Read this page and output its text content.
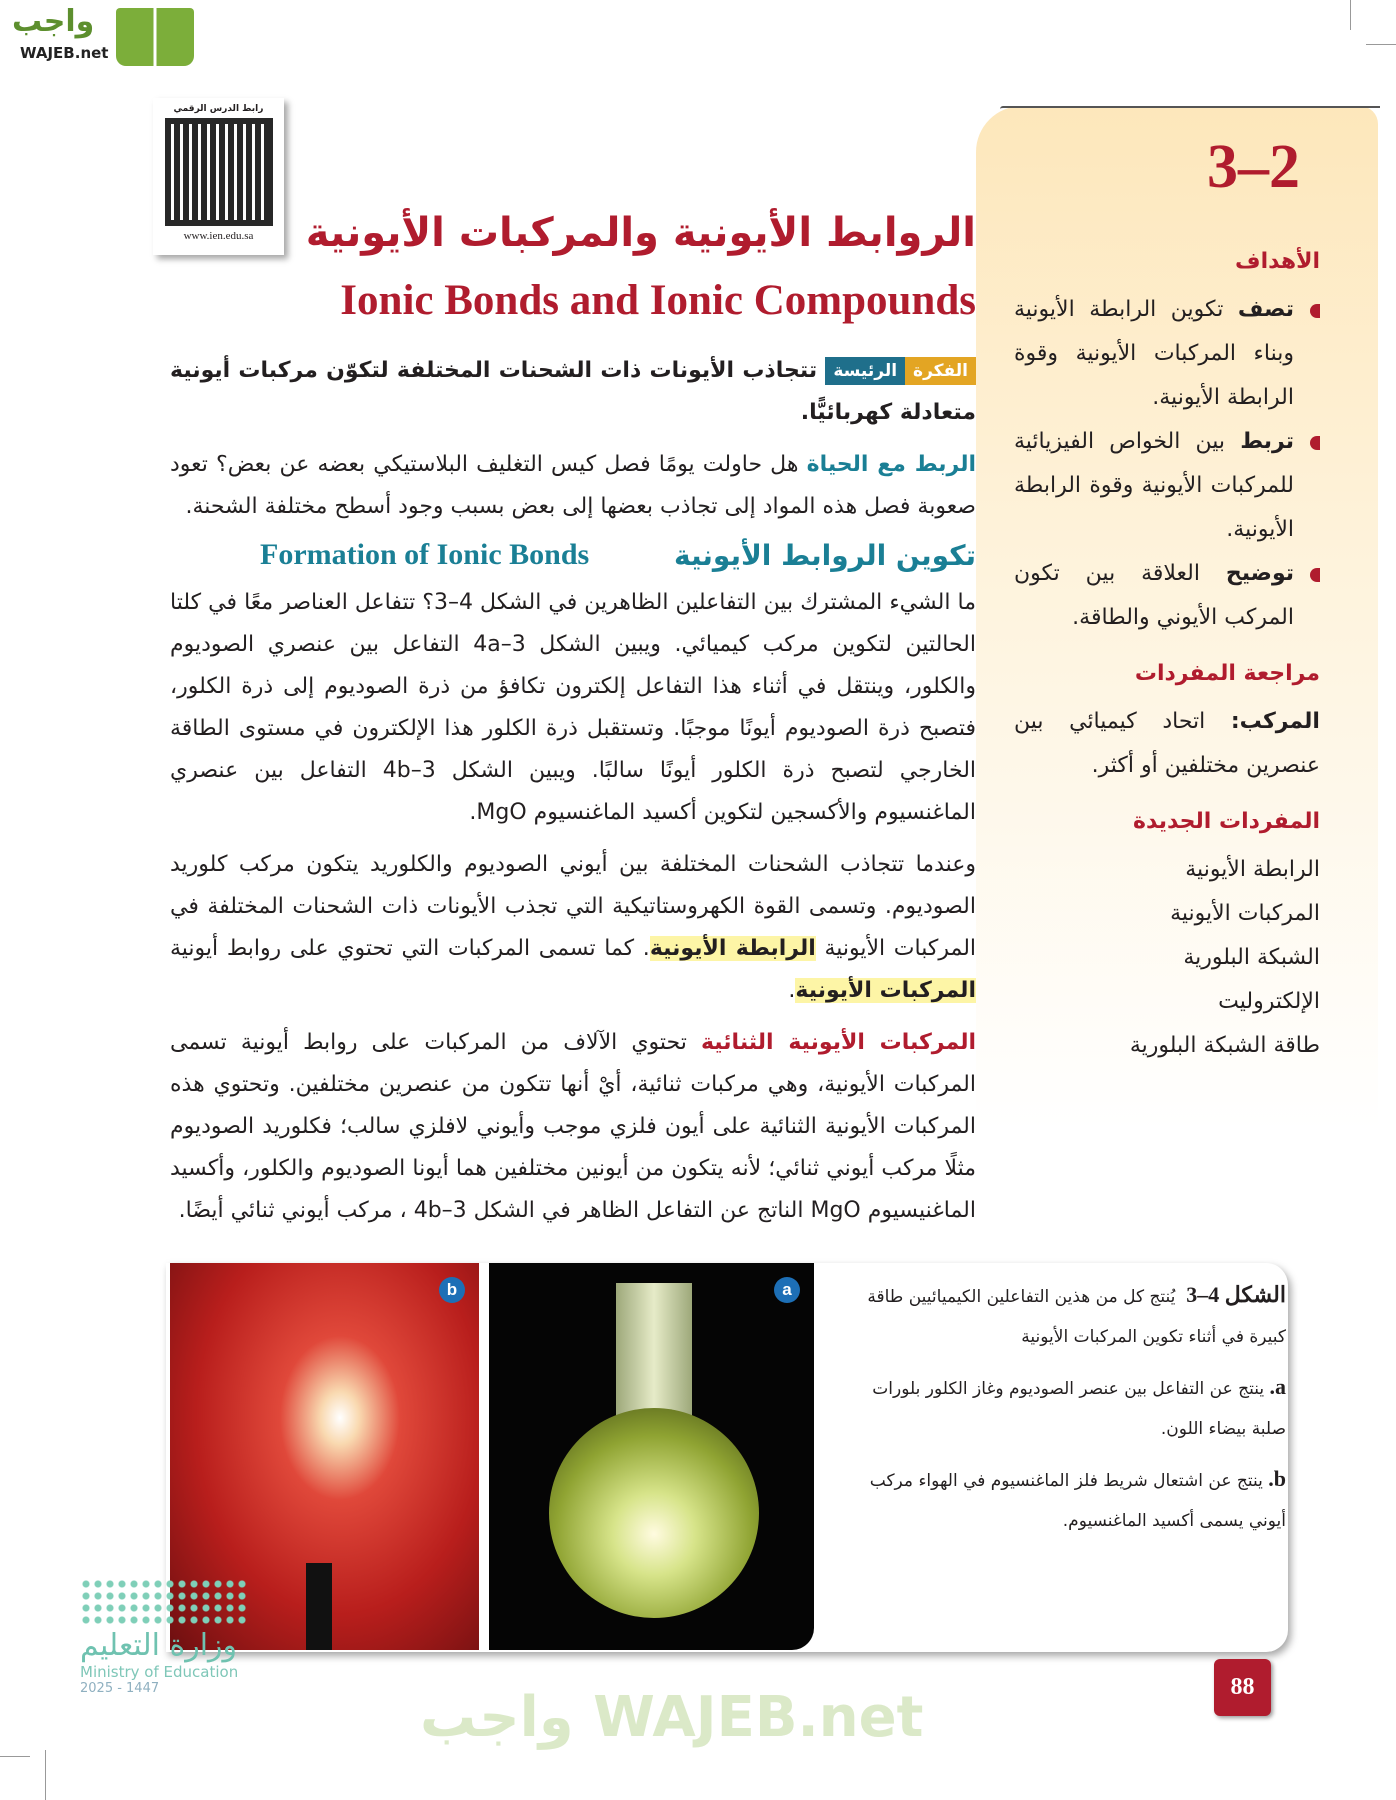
واجب
WAJEB.net
رابط الدرس الرقمي
www.ien.edu.sa
3–2
الأهداف
تصف تكوين الرابطة الأيونية وبناء المركبات الأيونية وقوة الرابطة الأيونية.
تربط بين الخواص الفيزيائية للمركبات الأيونية وقوة الرابطة الأيونية.
توضيح العلاقة بين تكون المركب الأيوني والطاقة.
مراجعة المفردات
المركب: اتحاد كيميائي بين عنصرين مختلفين أو أكثر.
المفردات الجديدة
الرابطة الأيونية
المركبات الأيونية
الشبكة البلورية
الإلكتروليت
طاقة الشبكة البلورية
الروابط الأيونية والمركبات الأيونية
Ionic Bonds and Ionic Compounds
الفكرةالرئيسة تتجاذب الأيونات ذات الشحنات المختلفة لتكوّن مركبات أيونية متعادلة كهربائيًّا.
الربط مع الحياة هل حاولت يومًا فصل كيس التغليف البلاستيكي بعضه عن بعض؟ تعود صعوبة فصل هذه المواد إلى تجاذب بعضها إلى بعض بسبب وجود أسطح مختلفة الشحنة.
تكوين الروابط الأيونية
Formation of Ionic Bonds
ما الشيء المشترك بين التفاعلين الظاهرين في الشكل 4–3؟ تتفاعل العناصر معًا في كلتا الحالتين لتكوين مركب كيميائي. ويبين الشكل 4a–3 التفاعل بين عنصري الصوديوم والكلور، وينتقل في أثناء هذا التفاعل إلكترون تكافؤ من ذرة الصوديوم إلى ذرة الكلور، فتصبح ذرة الصوديوم أيونًا موجبًا. وتستقبل ذرة الكلور هذا الإلكترون في مستوى الطاقة الخارجي لتصبح ذرة الكلور أيونًا سالبًا. ويبين الشكل 4b–3 التفاعل بين عنصري الماغنسيوم والأكسجين لتكوين أكسيد الماغنسيوم MgO.
وعندما تتجاذب الشحنات المختلفة بين أيوني الصوديوم والكلوريد يتكون مركب كلوريد الصوديوم. وتسمى القوة الكهروستاتيكية التي تجذب الأيونات ذات الشحنات المختلفة في المركبات الأيونية الرابطة الأيونية. كما تسمى المركبات التي تحتوي على روابط أيونية المركبات الأيونية.
المركبات الأيونية الثنائية تحتوي الآلاف من المركبات على روابط أيونية تسمى المركبات الأيونية، وهي مركبات ثنائية، أيْ أنها تتكون من عنصرين مختلفين. وتحتوي هذه المركبات الأيونية الثنائية على أيون فلزي موجب وأيوني لافلزي سالب؛ فكلوريد الصوديوم مثلًا مركب أيوني ثنائي؛ لأنه يتكون من أيونين مختلفين هما أيونا الصوديوم والكلور، وأكسيد الماغنيسيوم MgO الناتج عن التفاعل الظاهر في الشكل 4b–3 ، مركب أيوني ثنائي أيضًا.
b	a	الشكل 4–3  يُنتج كل من هذين التفاعلين الكيميائيين طاقة كبيرة في أثناء تكوين المركبات الأيونية
a. ينتج عن التفاعل بين عنصر الصوديوم وغاز الكلور بلورات صلبة بيضاء اللون.
b. ينتج عن اشتعال شريط فلز الماغنسيوم في الهواء مركب أيوني يسمى أكسيد الماغنسيوم.
واجب WAJEB.net	88
وزارة التعليم
Ministry of Education
2025 - 1447
